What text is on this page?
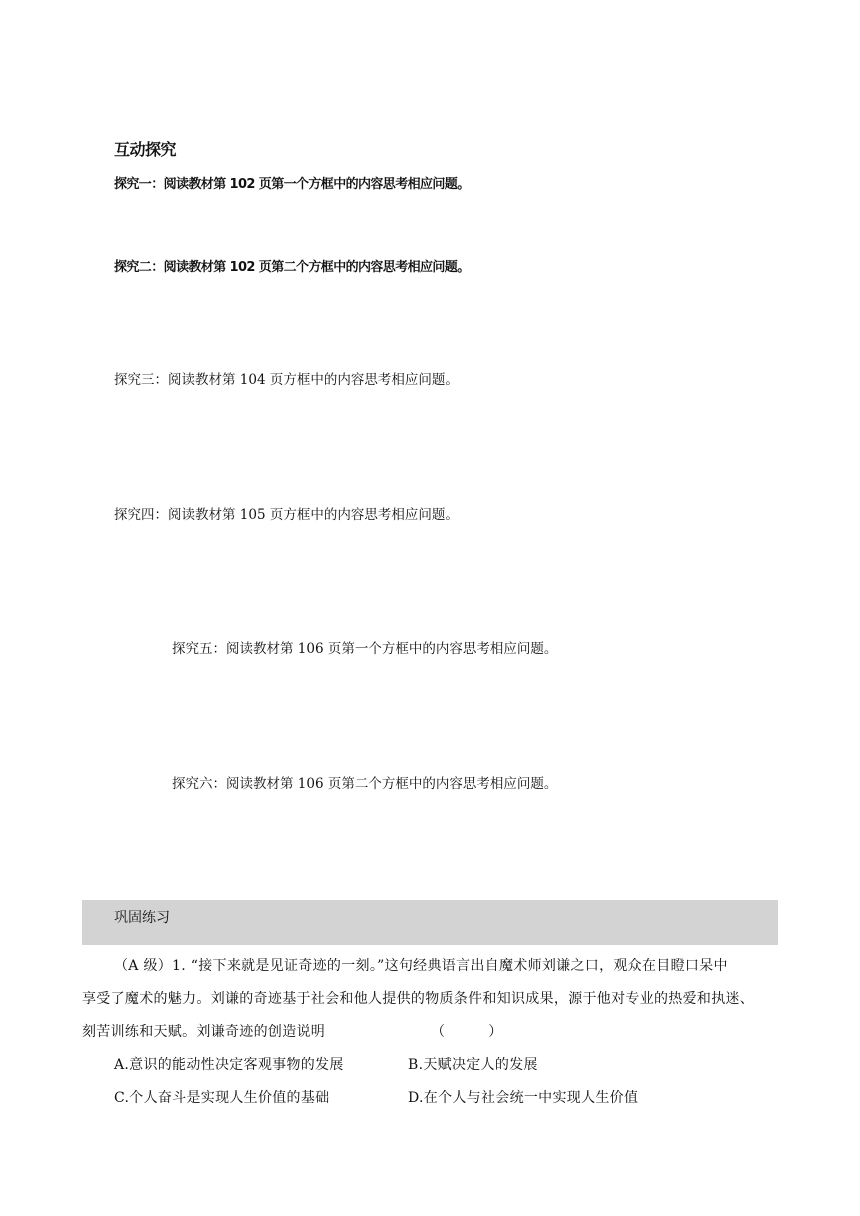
互动探究
探究一：阅读教材第 102 页第一个方框中的内容思考相应问题。
探究二：阅读教材第 102 页第二个方框中的内容思考相应问题。
探究三：阅读教材第 104 页方框中的内容思考相应问题。
探究四：阅读教材第 105 页方框中的内容思考相应问题。
探究五：阅读教材第 106 页第一个方框中的内容思考相应问题。
探究六：阅读教材第 106 页第二个方框中的内容思考相应问题。
巩固练习
（A 级）1. “接下来就是见证奇迹的一刻。”这句经典语言出自魔术师刘谦之口，观众在目瞪口呆中
享受了魔术的魅力。刘谦的奇迹基于社会和他人提供的物质条件和知识成果，源于他对专业的热爱和执迷、
刻苦训练和天赋。刘谦奇迹的创造说明	（　　　）
A.意识的能动性决定客观事物的发展	B.天赋决定人的发展
C.个人奋斗是实现人生价值的基础	D.在个人与社会统一中实现人生价值
